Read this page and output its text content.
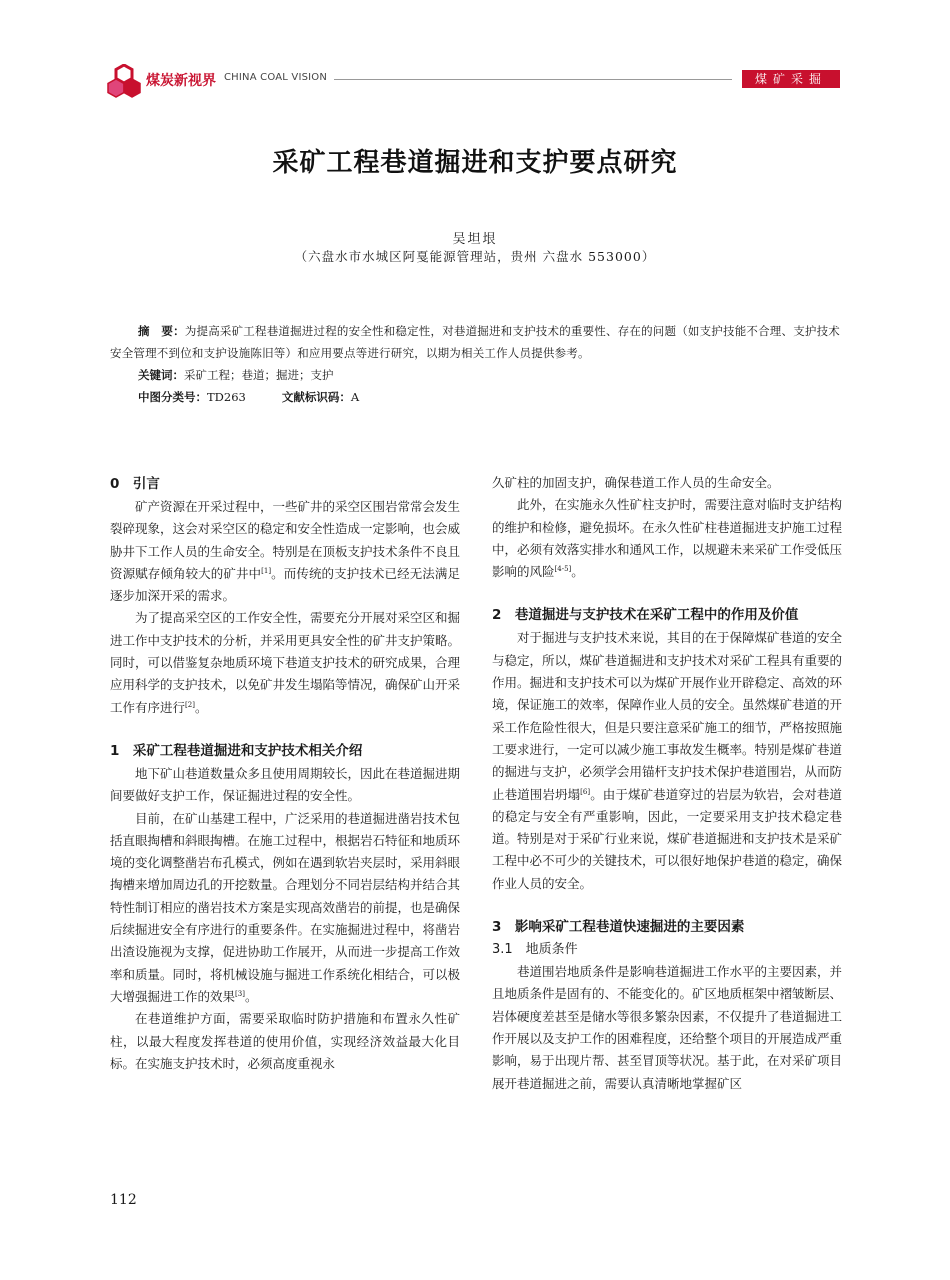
煤炭新视界 CHINA COAL VISION	煤矿采掘
采矿工程巷道掘进和支护要点研究
吴坦垠
（六盘水市水城区阿戛能源管理站，贵州 六盘水 553000）

摘　要：为提高采矿工程巷道掘进过程的安全性和稳定性，对巷道掘进和支护技术的重要性、存在的问题（如支护技能不合理、支护技术安全管理不到位和支护设施陈旧等）和应用要点等进行研究，以期为相关工作人员提供参考。

关键词：采矿工程；巷道；掘进；支护

中图分类号：TD263	文献标识码：A

0　引言

矿产资源在开采过程中，一些矿井的采空区围岩常常会发生裂碎现象，这会对采空区的稳定和安全性造成一定影响，也会威胁井下工作人员的生命安全。特别是在顶板支护技术条件不良且资源赋存倾角较大的矿井中[1]。而传统的支护技术已经无法满足逐步加深开采的需求。

为了提高采空区的工作安全性，需要充分开展对采空区和掘进工作中支护技术的分析，并采用更具安全性的矿井支护策略。同时，可以借鉴复杂地质环境下巷道支护技术的研究成果，合理应用科学的支护技术，以免矿井发生塌陷等情况，确保矿山开采工作有序进行[2]。

1　采矿工程巷道掘进和支护技术相关介绍

地下矿山巷道数量众多且使用周期较长，因此在巷道掘进期间要做好支护工作，保证掘进过程的安全性。

目前，在矿山基建工程中，广泛采用的巷道掘进凿岩技术包括直眼掏槽和斜眼掏槽。在施工过程中，根据岩石特征和地质环境的变化调整凿岩布孔模式，例如在遇到软岩夹层时，采用斜眼掏槽来增加周边孔的开挖数量。合理划分不同岩层结构并结合其特性制订相应的凿岩技术方案是实现高效凿岩的前提，也是确保后续掘进安全有序进行的重要条件。在实施掘进过程中，将凿岩出渣设施视为支撑，促进协助工作展开，从而进一步提高工作效率和质量。同时，将机械设施与掘进工作系统化相结合，可以极大增强掘进工作的效果[3]。

在巷道维护方面，需要采取临时防护措施和布置永久性矿柱，以最大程度发挥巷道的使用价值，实现经济效益最大化目标。在实施支护技术时，必须高度重视永

久矿柱的加固支护，确保巷道工作人员的生命安全。

此外，在实施永久性矿柱支护时，需要注意对临时支护结构的维护和检修，避免损坏。在永久性矿柱巷道掘进支护施工过程中，必须有效落实排水和通风工作，以规避未来采矿工作受低压影响的风险[4-5]。

2　巷道掘进与支护技术在采矿工程中的作用及价值

对于掘进与支护技术来说，其目的在于保障煤矿巷道的安全与稳定，所以，煤矿巷道掘进和支护技术对采矿工程具有重要的作用。掘进和支护技术可以为煤矿开展作业开辟稳定、高效的环境，保证施工的效率，保障作业人员的安全。虽然煤矿巷道的开采工作危险性很大，但是只要注意采矿施工的细节，严格按照施工要求进行，一定可以减少施工事故发生概率。特别是煤矿巷道的掘进与支护，必须学会用锚杆支护技术保护巷道围岩，从而防止巷道围岩坍塌[6]。由于煤矿巷道穿过的岩层为软岩，会对巷道的稳定与安全有严重影响，因此，一定要采用支护技术稳定巷道。特别是对于采矿行业来说，煤矿巷道掘进和支护技术是采矿工程中必不可少的关键技术，可以很好地保护巷道的稳定，确保作业人员的安全。

3　影响采矿工程巷道快速掘进的主要因素
3.1　地质条件

巷道围岩地质条件是影响巷道掘进工作水平的主要因素，并且地质条件是固有的、不能变化的。矿区地质框架中褶皱断层、岩体硬度差甚至是储水等很多繁杂因素，不仅提升了巷道掘进工作开展以及支护工作的困难程度，还给整个项目的开展造成严重影响，易于出现片帮、甚至冒顶等状况。基于此，在对采矿项目展开巷道掘进之前，需要认真清晰地掌握矿区

112
